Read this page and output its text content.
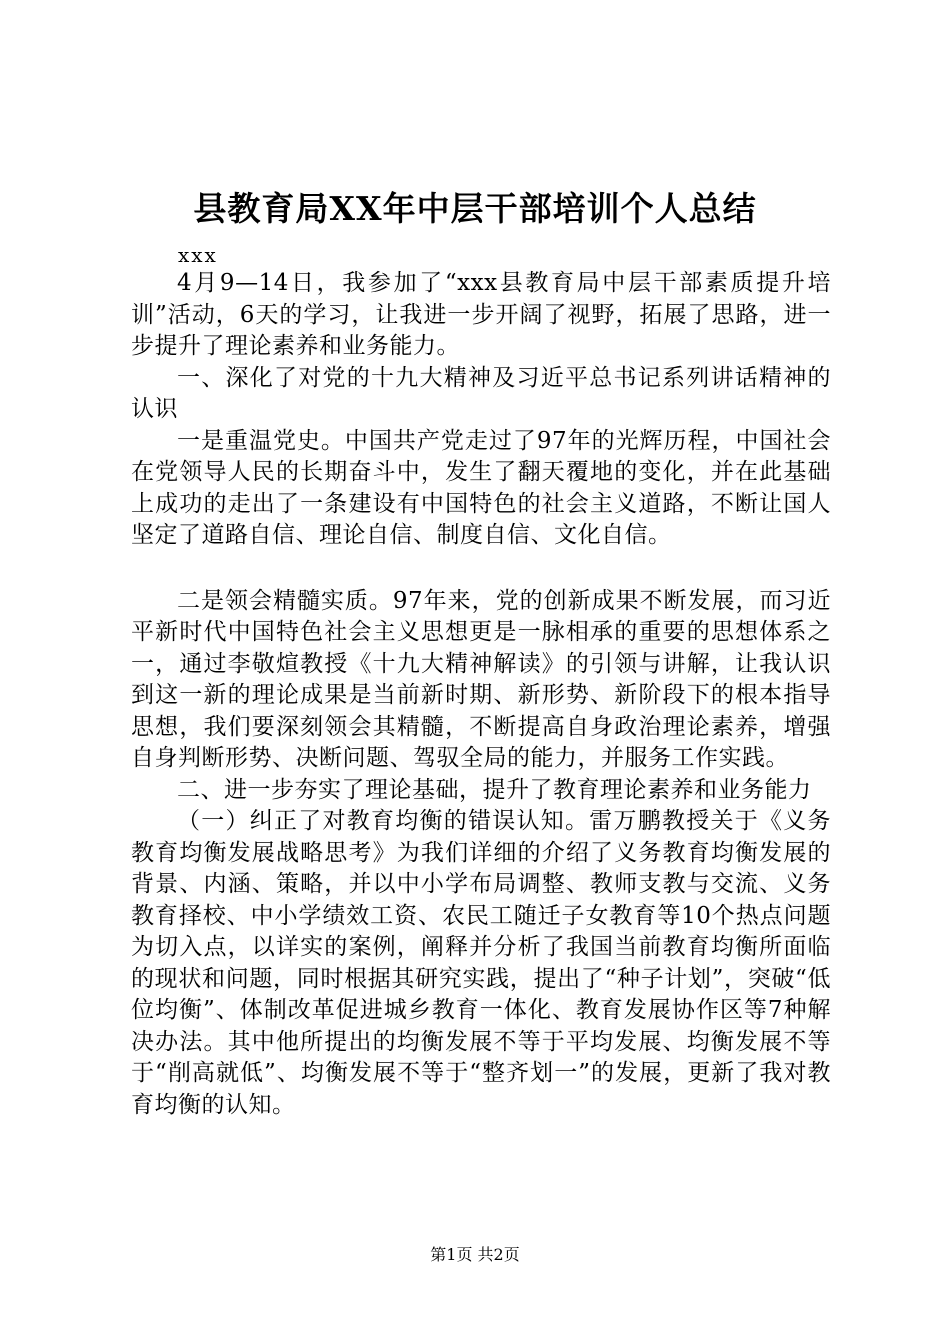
县教育局XX年中层干部培训个人总结
xxx

4月9—14日，我参加了“xxx县教育局中层干部素质提升培训”活动，6天的学习，让我进一步开阔了视野，拓展了思路，进一步提升了理论素养和业务能力。

一、深化了对党的十九大精神及习近平总书记系列讲话精神的认识

一是重温党史。中国共产党走过了97年的光辉历程，中国社会在党领导人民的长期奋斗中，发生了翻天覆地的变化，并在此基础上成功的走出了一条建设有中国特色的社会主义道路，不断让国人坚定了道路自信、理论自信、制度自信、文化自信。

二是领会精髓实质。97年来，党的创新成果不断发展，而习近平新时代中国特色社会主义思想更是一脉相承的重要的思想体系之一，通过李敬煊教授《十九大精神解读》的引领与讲解，让我认识到这一新的理论成果是当前新时期、新形势、新阶段下的根本指导思想，我们要深刻领会其精髓，不断提高自身政治理论素养，增强自身判断形势、决断问题、驾驭全局的能力，并服务工作实践。

二、进一步夯实了理论基础，提升了教育理论素养和业务能力

（一）纠正了对教育均衡的错误认知。雷万鹏教授关于《义务教育均衡发展战略思考》为我们详细的介绍了义务教育均衡发展的背景、内涵、策略，并以中小学布局调整、教师支教与交流、义务教育择校、中小学绩效工资、农民工随迁子女教育等10个热点问题为切入点，以详实的案例，阐释并分析了我国当前教育均衡所面临的现状和问题，同时根据其研究实践，提出了“种子计划”，突破“低位均衡”、体制改革促进城乡教育一体化、教育发展协作区等7种解决办法。其中他所提出的均衡发展不等于平均发展、均衡发展不等于“削高就低”、均衡发展不等于“整齐划一”的发展，更新了我对教育均衡的认知。

第1页 共2页
